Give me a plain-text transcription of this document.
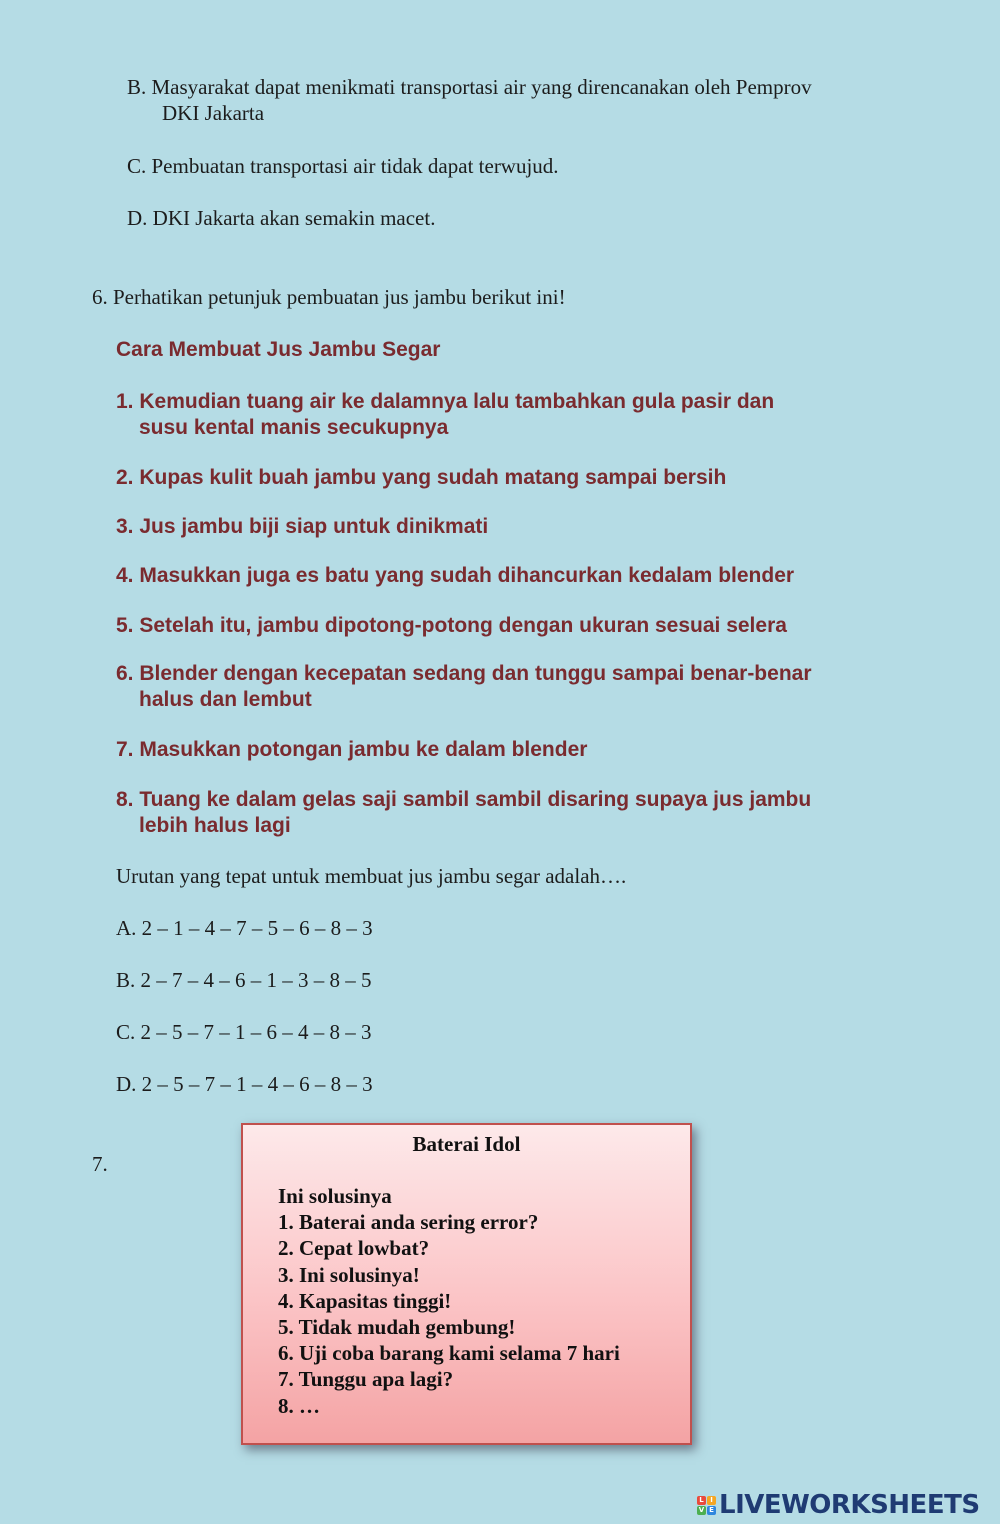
B. Masyarakat dapat menikmati transportasi air yang direncanakan oleh Pemprov
DKI Jakarta
C. Pembuatan transportasi air tidak dapat terwujud.
D. DKI Jakarta akan semakin macet.
6. Perhatikan petunjuk pembuatan jus jambu berikut ini!
Cara Membuat Jus Jambu Segar
1. Kemudian tuang air ke dalamnya lalu tambahkan gula pasir dan
susu kental manis secukupnya
2. Kupas kulit buah jambu yang sudah matang sampai bersih
3. Jus jambu biji siap untuk dinikmati
4. Masukkan juga es batu yang sudah dihancurkan kedalam blender
5. Setelah itu, jambu dipotong-potong dengan ukuran sesuai selera
6. Blender dengan kecepatan sedang dan tunggu sampai benar-benar
halus dan lembut
7. Masukkan potongan jambu ke dalam blender
8. Tuang ke dalam gelas saji sambil sambil disaring supaya jus jambu
lebih halus lagi
Urutan yang tepat untuk membuat jus jambu segar adalah….
A. 2 – 1 – 4 – 7 – 5 – 6 – 8 – 3
B. 2 – 7 – 4 – 6 – 1 – 3 – 8 – 5
C. 2 – 5 – 7 – 1 – 6 – 4 – 8 – 3
D. 2 – 5 – 7 – 1 – 4 – 6 – 8 – 3
7.
Baterai Idol
Ini solusinya
1. Baterai anda sering error?
2. Cepat lowbat?
3. Ini solusinya!
4. Kapasitas tinggi!
5. Tidak mudah gembung!
6. Uji coba barang kami selama 7 hari
7. Tunggu apa lagi?
8. …
L I
V E LIVEWORKSHEETS
